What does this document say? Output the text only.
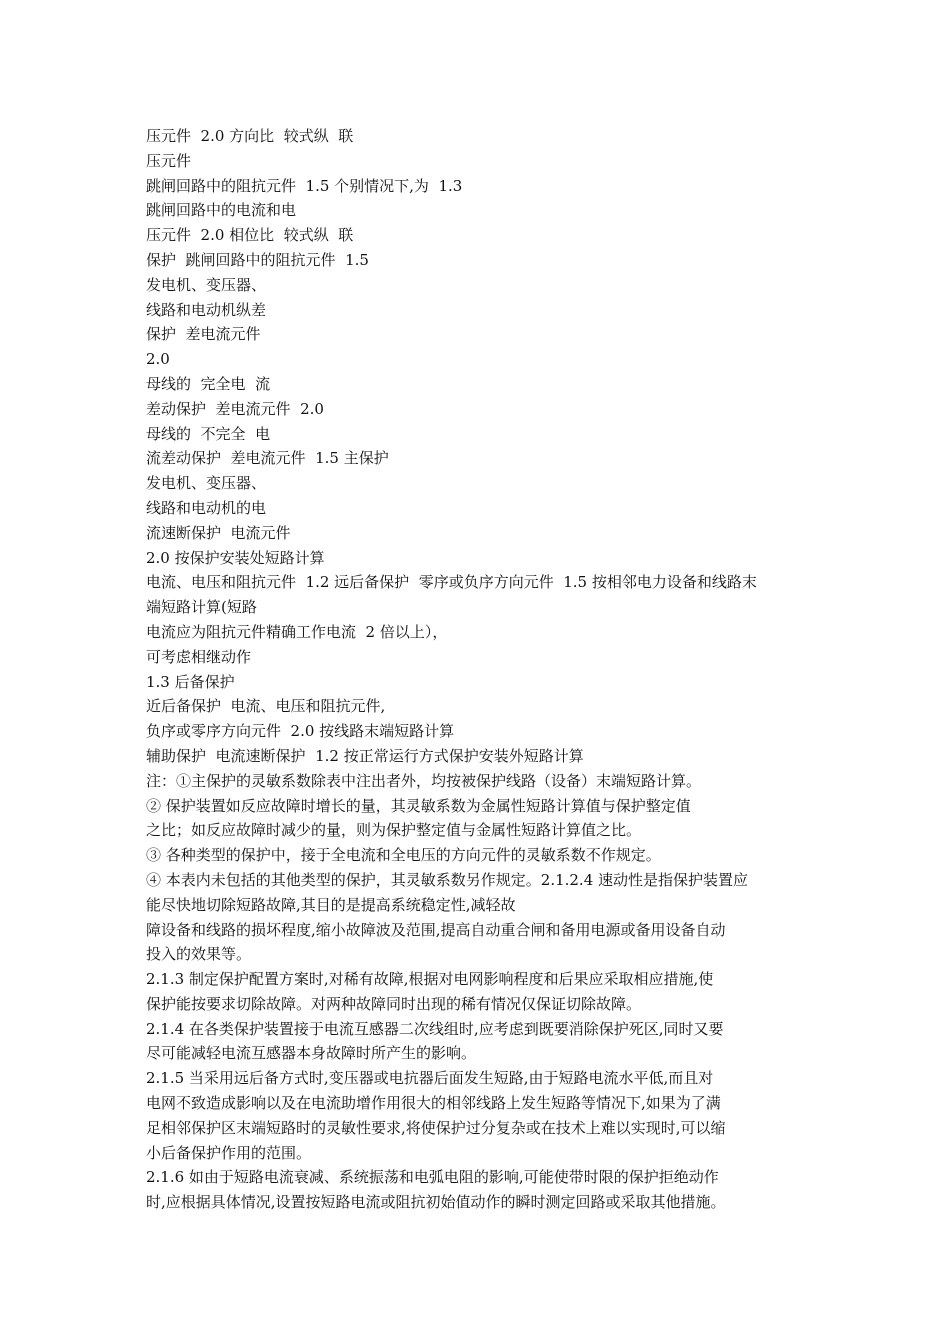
压元件  2.0 方向比  较式纵  联
压元件
跳闸回路中的阻抗元件  1.5 个别情况下,为  1.3
跳闸回路中的电流和电
压元件  2.0 相位比  较式纵  联
保护  跳闸回路中的阻抗元件  1.5
发电机、变压器、
线路和电动机纵差
保护  差电流元件
2.0
母线的  完全电  流
差动保护  差电流元件  2.0
母线的  不完全  电
流差动保护  差电流元件  1.5 主保护
发电机、变压器、
线路和电动机的电
流速断保护  电流元件
2.0 按保护安装处短路计算
电流、电压和阻抗元件  1.2 远后备保护  零序或负序方向元件  1.5 按相邻电力设备和线路末
端短路计算(短路
电流应为阻抗元件精确工作电流  2 倍以上），
可考虑相继动作
1.3 后备保护
近后备保护  电流、电压和阻抗元件,
负序或零序方向元件  2.0 按线路末端短路计算
辅助保护  电流速断保护  1.2 按正常运行方式保护安装外短路计算
注：①主保护的灵敏系数除表中注出者外，均按被保护线路（设备）末端短路计算。
② 保护装置如反应故障时增长的量，其灵敏系数为金属性短路计算值与保护整定值
之比；如反应故障时减少的量，则为保护整定值与金属性短路计算值之比。
③ 各种类型的保护中，接于全电流和全电压的方向元件的灵敏系数不作规定。
④ 本表内未包括的其他类型的保护，其灵敏系数另作规定。2.1.2.4 速动性是指保护装置应
能尽快地切除短路故障,其目的是提高系统稳定性,减轻故
障设备和线路的损坏程度,缩小故障波及范围,提高自动重合闸和备用电源或备用设备自动
投入的效果等。
2.1.3 制定保护配置方案时,对稀有故障,根据对电网影响程度和后果应采取相应措施,使
保护能按要求切除故障。对两种故障同时出现的稀有情况仅保证切除故障。
2.1.4 在各类保护装置接于电流互感器二次线组时,应考虑到既要消除保护死区,同时又要
尽可能减轻电流互感器本身故障时所产生的影响。
2.1.5 当采用远后备方式时,变压器或电抗器后面发生短路,由于短路电流水平低,而且对
电网不致造成影响以及在电流助增作用很大的相邻线路上发生短路等情况下,如果为了满
足相邻保护区末端短路时的灵敏性要求,将使保护过分复杂或在技术上难以实现时,可以缩
小后备保护作用的范围。
2.1.6 如由于短路电流衰减、系统振荡和电弧电阻的影响,可能使带时限的保护拒绝动作
时,应根据具体情况,设置按短路电流或阻抗初始值动作的瞬时测定回路或采取其他措施。
